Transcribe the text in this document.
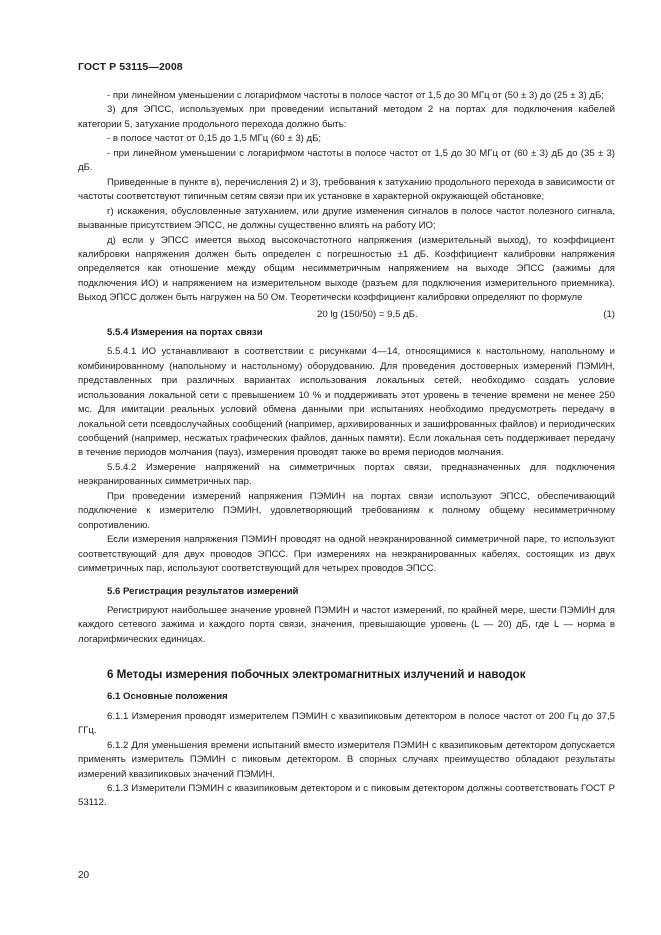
ГОСТ Р 53115—2008

- при линейном уменьшении с логарифмом частоты в полосе частот от 1,5 до 30 МГц от (50 ± 3) до (25 ± 3) дБ;

3) для ЭПСС, используемых при проведении испытаний методом 2 на портах для подключения кабелей категории 5, затухание продольного перехода должно быть:

- в полосе частот от 0,15 до 1,5 МГц (60 ± 3) дБ;

- при линейном уменьшении с логарифмом частоты в полосе частот от 1,5 до 30 МГц от (60 ± 3) дБ до (35 ± 3) дБ.

Приведенные в пункте в), перечисления 2) и 3), требования к затуханию продольного перехода в зависимости от частоты соответствуют типичным сетям связи при их установке в характерной окружающей обстановке;

г) искажения, обусловленные затуханием, или другие изменения сигналов в полосе частот полезного сигнала, вызванные присутствием ЭПСС, не должны существенно влиять на работу ИО;

д) если у ЭПСС имеется выход высокочастотного напряжения (измерительный выход), то коэффициент калибровки напряжения должен быть определен с погрешностью ±1 дБ. Коэффициент калибровки напряжения определяется как отношение между общим несимметричным напряжением на выходе ЭПСС (зажимы для подключения ИО) и напряжением на измерительном выходе (разъем для подключения измерительного приемника). Выход ЭПСС должен быть нагружен на 50 Ом. Теоретически коэффициент калибровки определяют по формуле

20 lg (150/50) = 9,5 дБ.	(1)
5.5.4 Измерения на портах связи

5.5.4.1 ИО устанавливают в соответствии с рисунками 4—14, относящимися к настольному, напольному и комбинированному (напольному и настольному) оборудованию. Для проведения достоверных измерений ПЭМИН, представленных при различных вариантах использования локальных сетей, необходимо создать условие использования локальной сети с превышением 10 % и поддерживать этот уровень в течение времени не менее 250 мс. Для имитации реальных условий обмена данными при испытаниях необходимо предусмотреть передачу в локальной сети псевдослучайных сообщений (например, архивированных и зашифрованных файлов) и периодических сообщений (например, несжатых графических файлов, данных памяти). Если локальная сеть поддерживает передачу в течение периодов молчания (пауз), измерения проводят также во время периодов молчания.

5.5.4.2 Измерение напряжений на симметричных портах связи, предназначенных для подключения неэкранированных симметричных пар.

При проведении измерений напряжения ПЭМИН на портах связи используют ЭПСС, обеспечивающий подключение к измерителю ПЭМИН, удовлетворяющий требованиям к полному общему несимметричному сопротивлению.

Если измерения напряжения ПЭМИН проводят на одной неэкранированной симметричной паре, то используют соответствующий для двух проводов ЭПСС. При измерениях на неэкранированных кабелях, состоящих из двух симметричных пар, используют соответствующий для четырех проводов ЭПСС.

5.6 Регистрация результатов измерений

Регистрируют наибольшее значение уровней ПЭМИН и частот измерений, по крайней мере, шести ПЭМИН для каждого сетевого зажима и каждого порта связи, значения, превышающие уровень (L — 20) дБ, где L — норма в логарифмических единицах.

6 Методы измерения побочных электромагнитных излучений и наводок
6.1 Основные положения

6.1.1 Измерения проводят измерителем ПЭМИН с квазипиковым детектором в полосе частот от 200 Гц до 37,5 ГГц.

6.1.2 Для уменьшения времени испытаний вместо измерителя ПЭМИН с квазипиковым детектором допускается применять измеритель ПЭМИН с пиковым детектором. В спорных случаях преимущество обладают результаты измерений квазипиковых значений ПЭМИН.

6.1.3 Измерители ПЭМИН с квазипиковым детектором и с пиковым детектором должны соответствовать ГОСТ Р 53112.

20
